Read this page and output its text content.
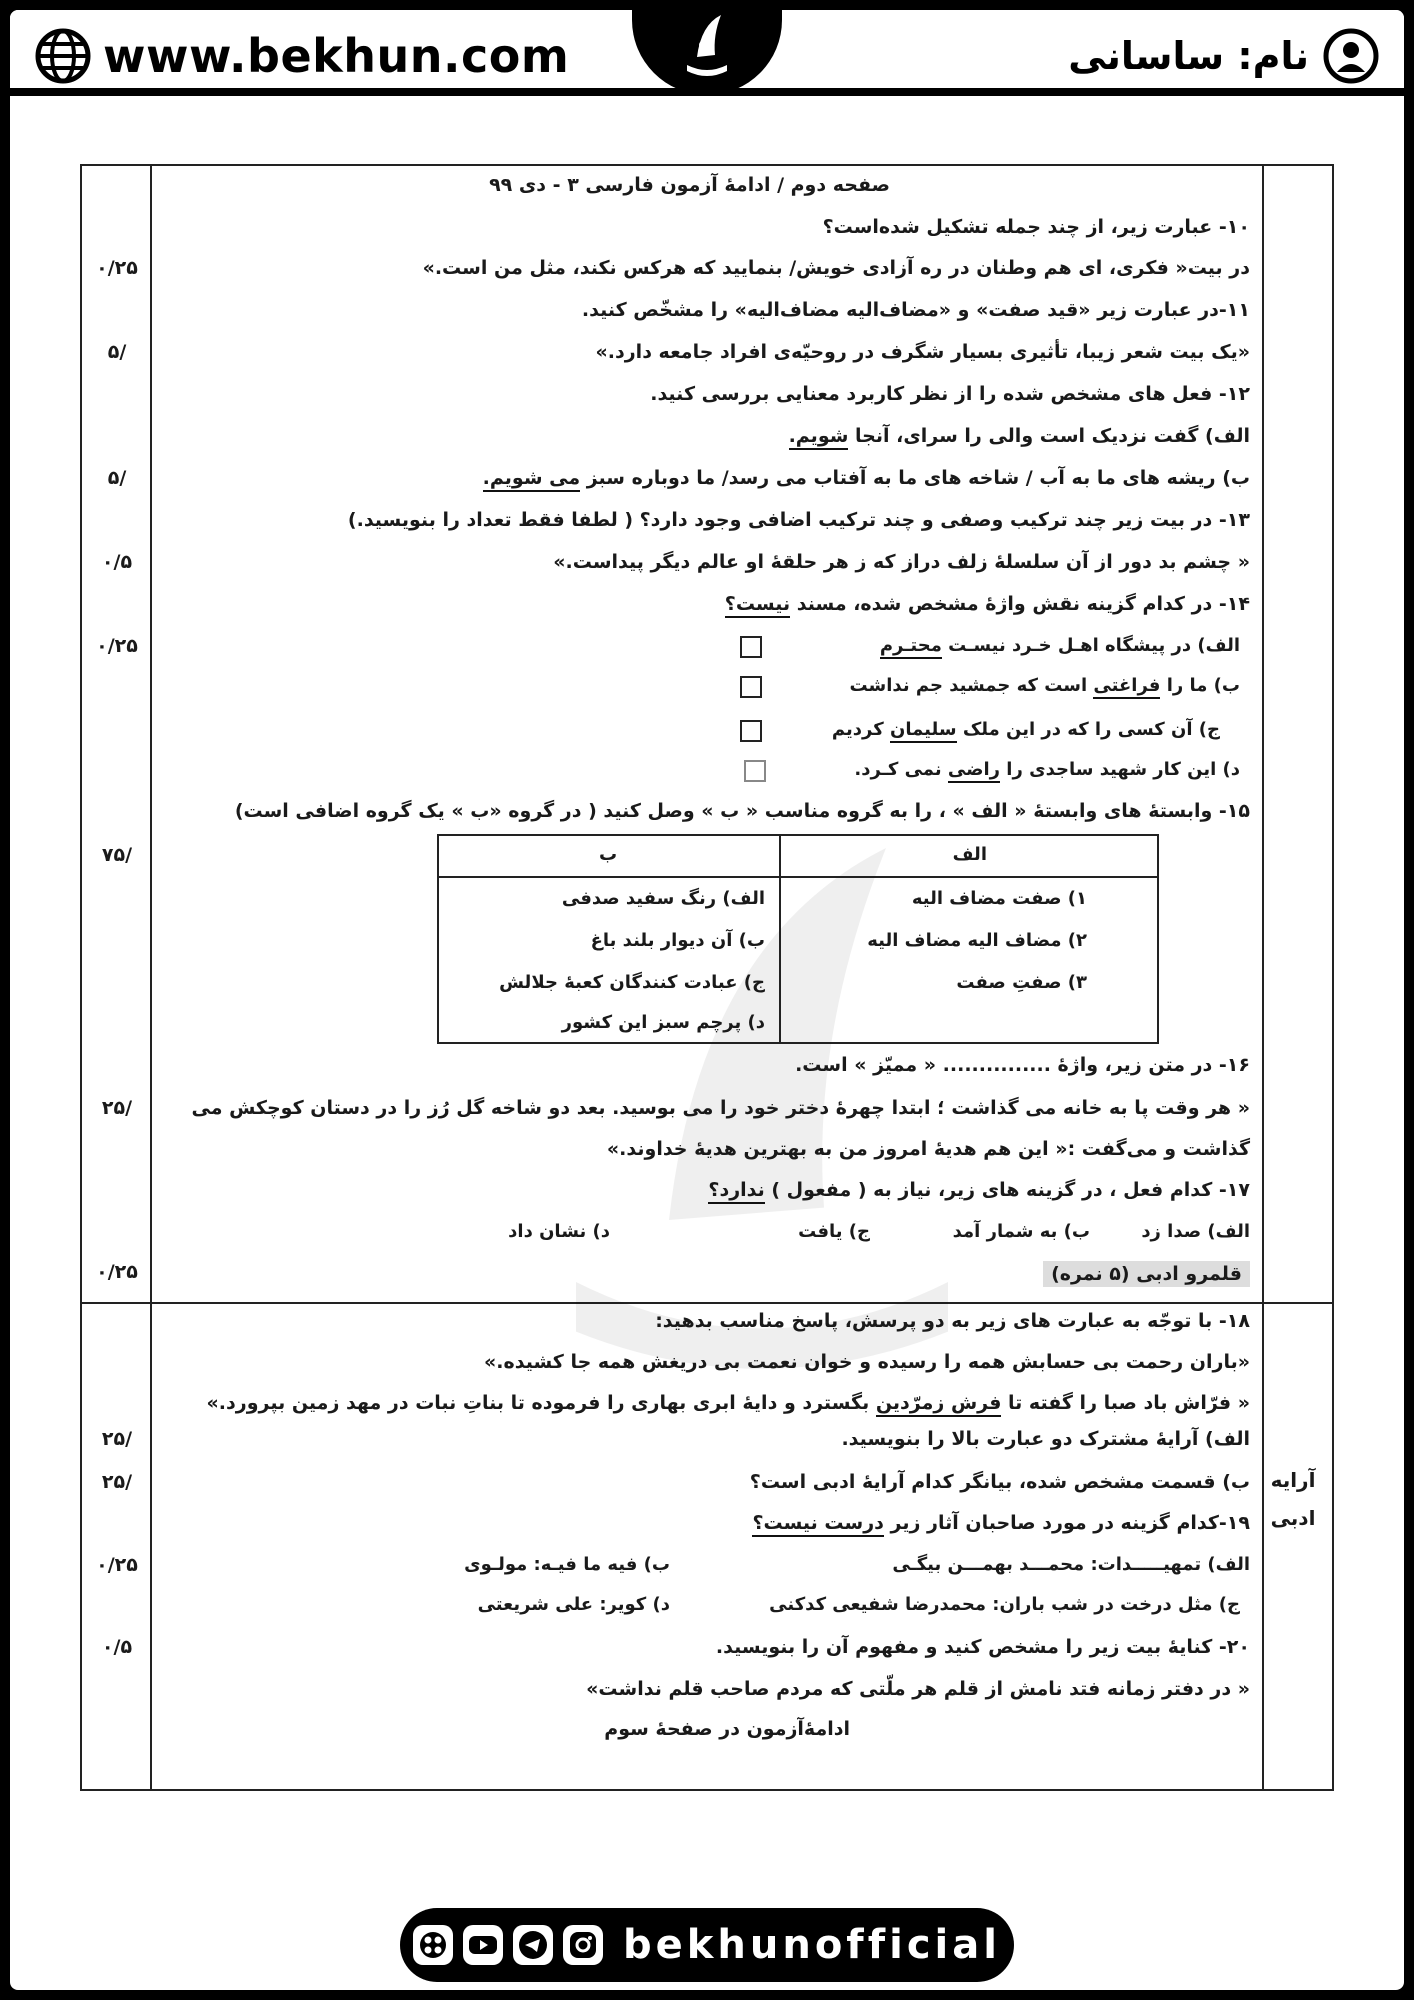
www.bekhun.com	نام: ساسانی
۰/۲۵
/۵
/۵
۰/۵
۰/۲۵
/۷۵
/۲۵
۰/۲۵
/۲۵
/۲۵
۰/۲۵
۰/۵
آرایه
ادبی
صفحه دوم / ادامهٔ آزمون فارسی ۳ - دی ۹۹
۱۰- عبارت زیر، از چند جمله تشکیل شده‌است؟
در بیت« فکری، ای هم وطنان در ره آزادی خویش/ بنمایید که هرکس نکند، مثل من است.»
۱۱-در عبارت زیر «قید صفت» و «مضاف‌الیه مضاف‌الیه» را مشخّص کنید.
«یک بیت شعر زیبا، تأثیری بسیار شگرف در روحیّه‌ی افراد جامعه دارد.»
۱۲- فعل های مشخص شده را از نظر کاربرد معنایی بررسی کنید.
الف) گفت نزدیک است والی را سرای، آنجا شویم.
ب) ریشه های ما به آب / شاخه های ما به آفتاب می رسد/ ما دوباره سبز می شویم.
۱۳- در بیت زیر چند ترکیب وصفی و چند ترکیب اضافی وجود دارد؟ ( لطفا فقط تعداد را بنویسید.)
« چشم بد دور از آن سلسلهٔ زلف دراز که ز هر حلقهٔ او عالم دیگر پیداست.»
۱۴- در کدام گزینه نقش واژهٔ مشخص شده، مسند نیست؟
الف) در پیشگاه اهـل خـرد نیسـت محتـرم
ب) ما را فراغتی است که جمشید جم نداشت
ج) آن کسی را که در این ملک سلیمان کردیم
د) این کار شهید ساجدی را راضی نمی کـرد.
۱۵- وابستهٔ های وابستهٔ « الف » ، را به گروه مناسب « ب » وصل کنید ( در گروه «ب » یک گروه اضافی است)
۱۶- در متن زیر، واژهٔ ............... « ممیّز » است.
« هر وقت پا به خانه می گذاشت ؛ ابتدا چهرهٔ دختر خود را می بوسید. بعد دو شاخه گل رُز را در دستان کوچکش می
گذاشت و می‌گفت :« این هم هدیهٔ امروز من به بهترین هدیهٔ خداوند.»
۱۷- کدام فعل ، در گزینه های زیر، نیاز به ( مفعول ) ندارد؟
الف) صدا زد
ب) به شمار آمد
ج) یافت
د) نشان داد
قلمرو ادبی (۵ نمره)
۱۸- با توجّه به عبارت های زیر به دو پرسش، پاسخ مناسب بدهید:
«باران رحمت بی حسابش همه را رسیده و خوان نعمت بی دریغش همه جا کشیده.»
« فرّاش باد صبا را گفته تا فرش زمرّدین بگسترد و دایهٔ ابری بهاری را فرموده تا بناتِ نبات در مهد زمین بپرورد.»
الف) آرایهٔ مشترک دو عبارت بالا را بنویسید.
ب) قسمت مشخص شده، بیانگر کدام آرایهٔ ادبی است؟
۱۹-کدام گزینه در مورد صاحبان آثار زیر درست نیست؟
الف) تمهیـــــدات: محمـــد بهمـــن بیگـی
ب) فیه ما فیـه: مولـوی
ج) مثل درخت در شب باران: محمدرضا شفیعی کدکنی
د) کویر: علی شریعتی
۲۰- کنایهٔ بیت زیر را مشخص کنید و مفهوم آن را بنویسید.
« در دفتر زمانه فتد نامش از قلم هر ملّتی که مردم صاحب قلم نداشت»
ادامهٔ‌آزمون در صفحهٔ سوم
الف
ب
۱) صفت مضاف الیه
۲) مضاف الیه مضاف الیه
۳) صفتِ صفت
الف) رنگ سفید صدفی
ب) آن دیوار بلند باغ
ج) عبادت کنندگان کعبهٔ جلالش
د) پرچم سبز این کشور
bekhunofficial
